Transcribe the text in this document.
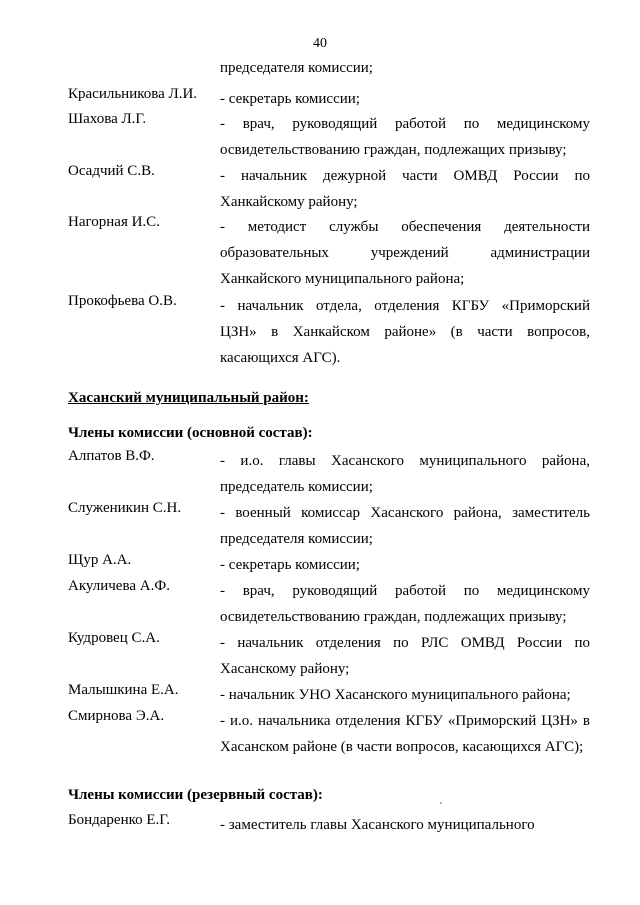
40
председателя комиссии;
Красильникова Л.И. - секретарь комиссии;
Шахова Л.Г.	- врач, руководящий работой по медицинскому
освидетельствованию граждан, подлежащих призыву;
Осадчий С.В.	- начальник дежурной части ОМВД России по
Ханкайскому району;
Нагорная И.С.	- методист службы обеспечения деятельности
образовательных учреждений администрации
Ханкайского муниципального района;
Прокофьева О.В.	- начальник отдела, отделения КГБУ «Приморский
ЦЗН» в Ханкайском районе» (в части вопросов,
касающихся АГС).
Хасанский муниципальный район:
Члены комиссии (основной состав):
Алпатов В.Ф.	- и.о. главы Хасанского муниципального района,
председатель комиссии;
Служеникин С.Н.	- военный комиссар Хасанского района, заместитель
председателя комиссии;
Щур А.А.	- секретарь комиссии;
Акуличева А.Ф.	- врач, руководящий работой по медицинскому
освидетельствованию граждан, подлежащих призыву;
Кудровец С.А.	- начальник отделения по РЛС ОМВД России по
Хасанскому району;
Малышкина Е.А.	- начальник УНО Хасанского муниципального района;
Смирнова Э.А.	- и.о. начальника отделения КГБУ «Приморский ЦЗН» в
Хасанском районе (в части вопросов, касающихся АГС);
Члены комиссии (резервный состав):
Бондаренко Е.Г.	- заместитель главы Хасанского муниципального
